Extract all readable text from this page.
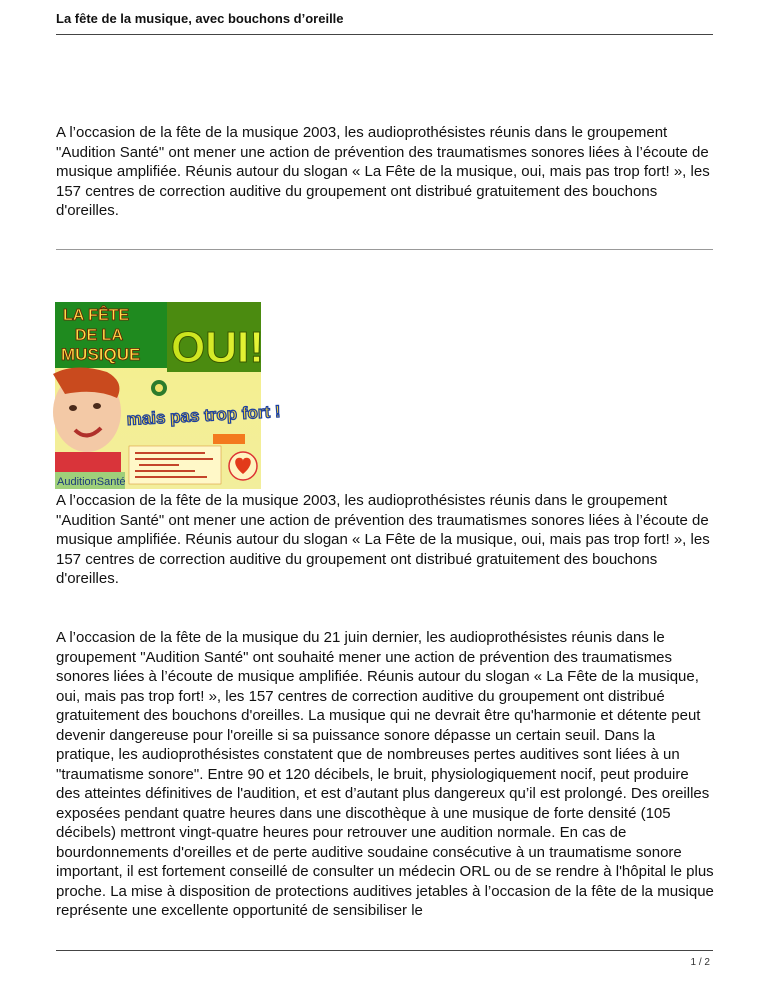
La fête de la musique, avec bouchons d’oreille

A l’occasion de la fête de la musique 2003, les audioprothésistes réunis dans le groupement "Audition Santé" ont mener une action de prévention des traumatismes sonores liées à l’écoute de musique amplifiée. Réunis autour du slogan « La Fête de la musique, oui, mais pas trop fort! », les 157 centres de correction auditive du groupement ont distribué gratuitement des bouchons d'oreilles.

LA FÊTE
DE LA
MUSIQUE OUI!
mais pas trop fort !
AuditionSanté

A l’occasion de la fête de la musique 2003, les audioprothésistes réunis dans le groupement "Audition Santé" ont mener une action de prévention des traumatismes sonores liées à l’écoute de musique amplifiée. Réunis autour du slogan « La Fête de la musique, oui, mais pas trop fort! », les 157 centres de correction auditive du groupement ont distribué gratuitement des bouchons d'oreilles.

A l’occasion de la fête de la musique du 21 juin dernier, les audioprothésistes réunis dans le groupement "Audition Santé" ont souhaité mener une action de prévention des traumatismes sonores liées à l’écoute de musique amplifiée. Réunis autour du slogan « La Fête de la musique, oui, mais pas trop fort! », les 157 centres de correction auditive du groupement ont distribué gratuitement des bouchons d'oreilles. La musique qui ne devrait être qu'harmonie et détente peut devenir dangereuse pour l'oreille si sa puissance sonore dépasse un certain seuil. Dans la pratique, les audioprothésistes constatent que de nombreuses pertes auditives sont liées à un "traumatisme sonore". Entre 90 et 120 décibels, le bruit, physiologiquement nocif, peut produire des atteintes définitives de l'audition, et est d’autant plus dangereux qu’il est prolongé. Des oreilles exposées pendant quatre heures dans une discothèque à une musique de forte densité (105 décibels) mettront vingt-quatre heures pour retrouver une audition normale. En cas de bourdonnements d'oreilles et de perte auditive soudaine consécutive à un traumatisme sonore important, il est fortement conseillé de consulter un médecin ORL ou de se rendre à l'hôpital le plus proche. La mise à disposition de protections auditives jetables à l’occasion de la fête de la musique représente une excellente opportunité de sensibiliser le

1 / 2
